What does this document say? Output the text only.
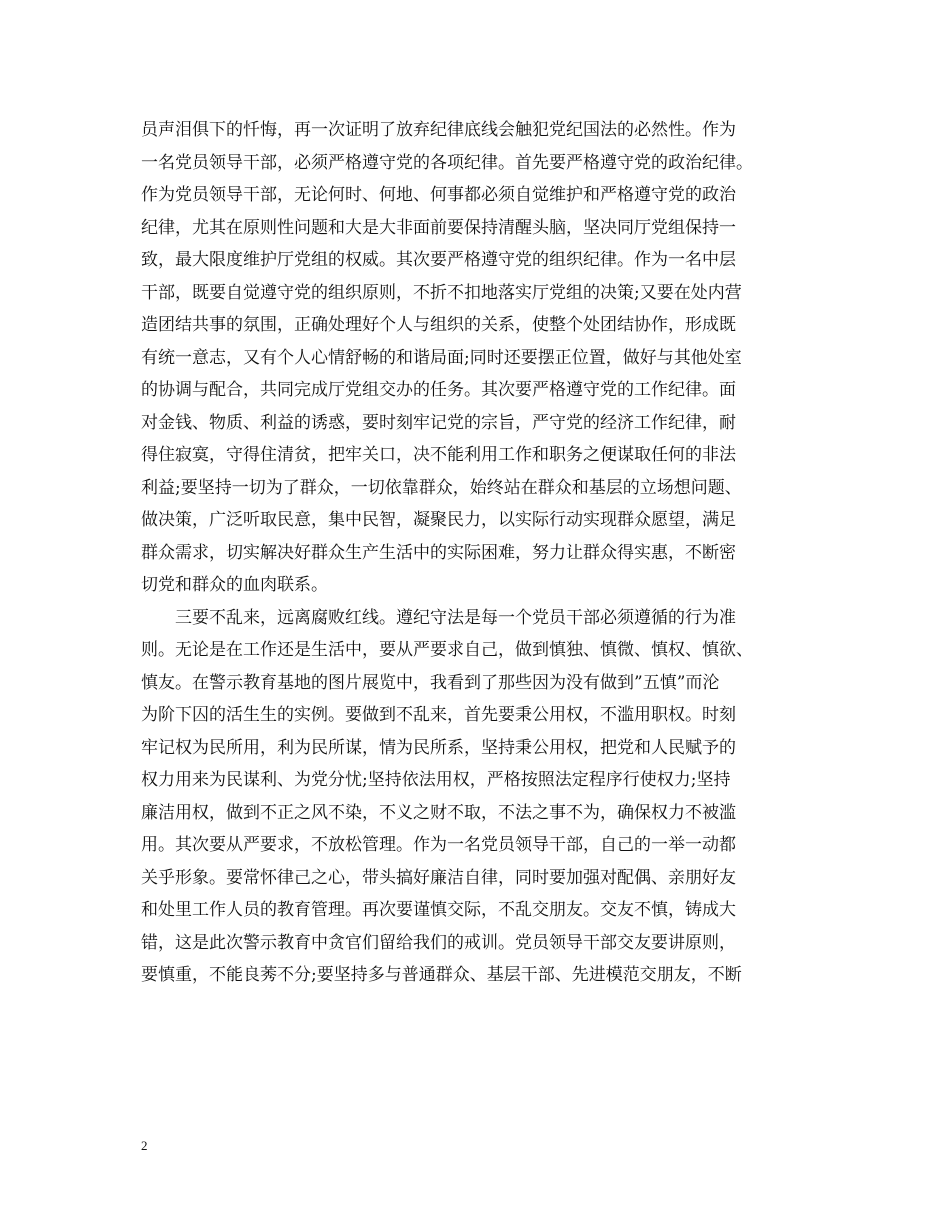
员声泪俱下的忏悔，再一次证明了放弃纪律底线会触犯党纪国法的必然性。作为
一名党员领导干部，必须严格遵守党的各项纪律。首先要严格遵守党的政治纪律。
作为党员领导干部，无论何时、何地、何事都必须自觉维护和严格遵守党的政治
纪律，尤其在原则性问题和大是大非面前要保持清醒头脑，坚决同厅党组保持一
致，最大限度维护厅党组的权威。其次要严格遵守党的组织纪律。作为一名中层
干部，既要自觉遵守党的组织原则，不折不扣地落实厅党组的决策;又要在处内营
造团结共事的氛围，正确处理好个人与组织的关系，使整个处团结协作，形成既
有统一意志，又有个人心情舒畅的和谐局面;同时还要摆正位置，做好与其他处室
的协调与配合，共同完成厅党组交办的任务。其次要严格遵守党的工作纪律。面
对金钱、物质、利益的诱惑，要时刻牢记党的宗旨，严守党的经济工作纪律，耐
得住寂寞，守得住清贫，把牢关口，决不能利用工作和职务之便谋取任何的非法
利益;要坚持一切为了群众，一切依靠群众，始终站在群众和基层的立场想问题、
做决策，广泛听取民意，集中民智，凝聚民力，以实际行动实现群众愿望，满足
群众需求，切实解决好群众生产生活中的实际困难，努力让群众得实惠，不断密
切党和群众的血肉联系。
三要不乱来，远离腐败红线。遵纪守法是每一个党员干部必须遵循的行为准
则。无论是在工作还是生活中，要从严要求自己，做到慎独、慎微、慎权、慎欲、
慎友。在警示教育基地的图片展览中，我看到了那些因为没有做到”五慎”而沦
为阶下囚的活生生的实例。要做到不乱来，首先要秉公用权，不滥用职权。时刻
牢记权为民所用，利为民所谋，情为民所系，坚持秉公用权，把党和人民赋予的
权力用来为民谋利、为党分忧;坚持依法用权，严格按照法定程序行使权力;坚持
廉洁用权，做到不正之风不染，不义之财不取，不法之事不为，确保权力不被滥
用。其次要从严要求，不放松管理。作为一名党员领导干部，自己的一举一动都
关乎形象。要常怀律己之心，带头搞好廉洁自律，同时要加强对配偶、亲朋好友
和处里工作人员的教育管理。再次要谨慎交际，不乱交朋友。交友不慎，铸成大
错，这是此次警示教育中贪官们留给我们的戒训。党员领导干部交友要讲原则，
要慎重，不能良莠不分;要坚持多与普通群众、基层干部、先进模范交朋友，不断
2
